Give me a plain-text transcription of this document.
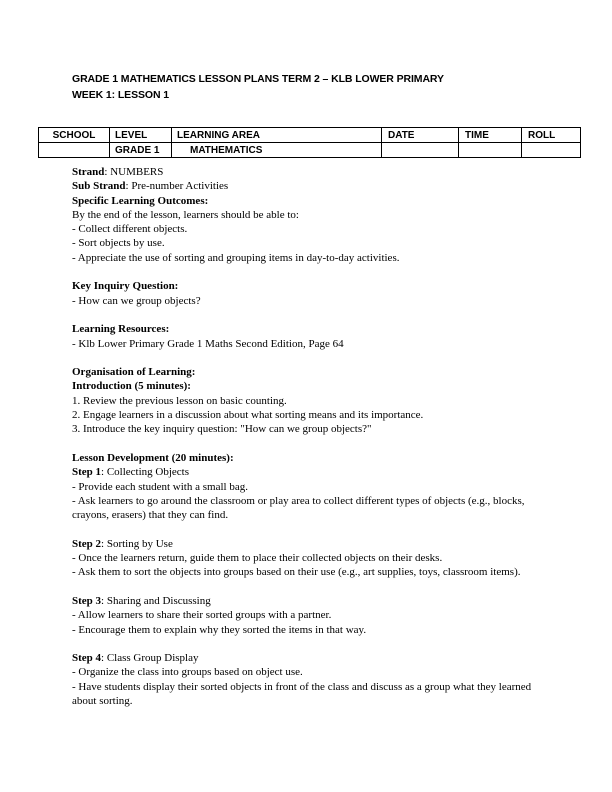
GRADE 1 MATHEMATICS LESSON PLANS TERM 2 – KLB LOWER PRIMARY
WEEK 1: LESSON 1
SCHOOL	LEVEL	LEARNING AREA	DATE	TIME	ROLL
	GRADE 1	MATHEMATICS			

Strand: NUMBERS

Sub Strand: Pre-number Activities

Specific Learning Outcomes:

By the end of the lesson, learners should be able to:

- Collect different objects.

- Sort objects by use.

- Appreciate the use of sorting and grouping items in day-to-day activities.

Key Inquiry Question:

- How can we group objects?

Learning Resources:

- Klb Lower Primary Grade 1 Maths Second Edition, Page 64

Organisation of Learning:

Introduction (5 minutes):

1. Review the previous lesson on basic counting.

2. Engage learners in a discussion about what sorting means and its importance.

3. Introduce the key inquiry question: "How can we group objects?"

Lesson Development (20 minutes):

Step 1: Collecting Objects

- Provide each student with a small bag.

- Ask learners to go around the classroom or play area to collect different types of objects (e.g., blocks, crayons, erasers) that they can find.

Step 2: Sorting by Use

- Once the learners return, guide them to place their collected objects on their desks.

- Ask them to sort the objects into groups based on their use (e.g., art supplies, toys, classroom items).

Step 3: Sharing and Discussing

- Allow learners to share their sorted groups with a partner.

- Encourage them to explain why they sorted the items in that way.

Step 4: Class Group Display

- Organize the class into groups based on object use.

- Have students display their sorted objects in front of the class and discuss as a group what they learned about sorting.
